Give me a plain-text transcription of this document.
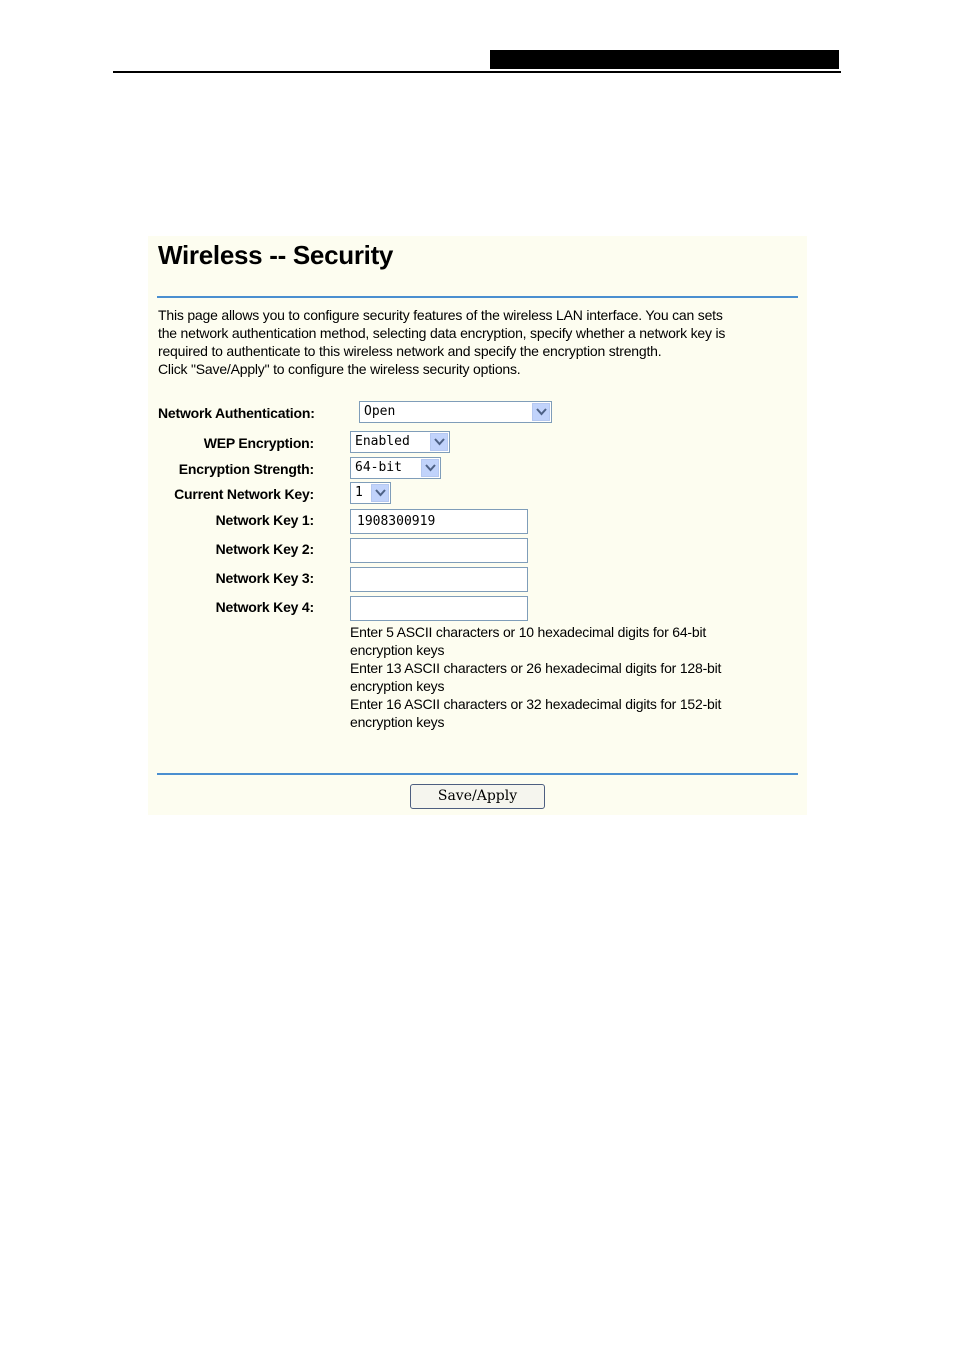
Wireless -- Security
This page allows you to configure security features of the wireless LAN interface. You can sets
the network authentication method, selecting data encryption, specify whether a network key is
required to authenticate to this wireless network and specify the encryption strength.
Click "Save/Apply" to configure the wireless security options.
Network Authentication:	Open
WEP Encryption:	Enabled
Encryption Strength:	64-bit
Current Network Key:	1
Network Key 1:	1908300919
Network Key 2:
Network Key 3:
Network Key 4:
Enter 5 ASCII characters or 10 hexadecimal digits for 64-bit
encryption keys
Enter 13 ASCII characters or 26 hexadecimal digits for 128-bit
encryption keys
Enter 16 ASCII characters or 32 hexadecimal digits for 152-bit
encryption keys
Save/Apply
